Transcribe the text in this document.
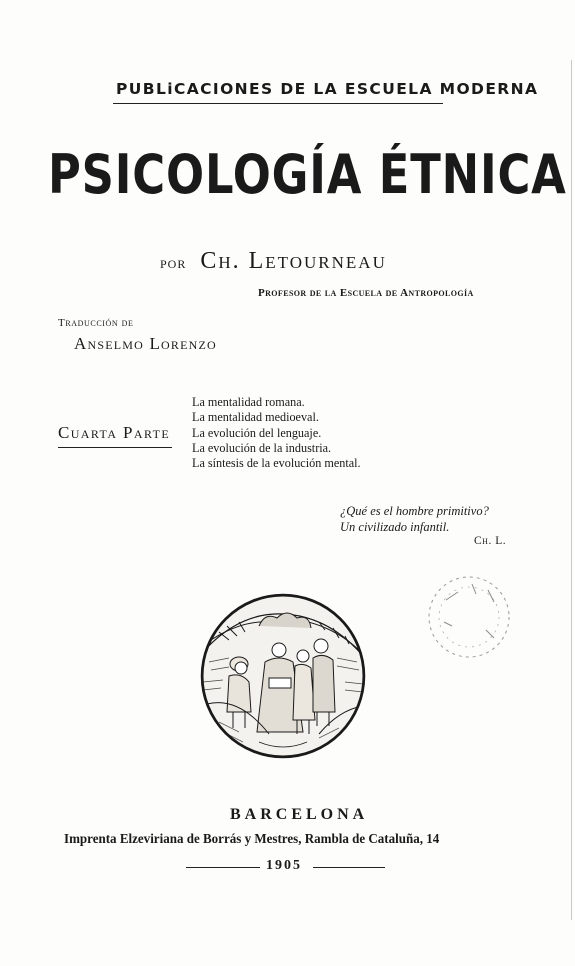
PUBLiCACIONES DE LA ESCUELA MODERNA
PSICOLOGÍA ÉTNICA
POR Ch. Letourneau
Profesor de la Escuela de Antropología
Traducción de
Anselmo Lorenzo
Cuarta Parte
La mentalidad romana.
La mentalidad medioeval.
La evolución del lenguaje.
La evolución de la industria.
La síntesis de la evolución mental.
¿Qué es el hombre primitivo?
Un civilizado infantil.
Ch. L.
BARCELONA
Imprenta Elzeviriana de Borrás y Mestres, Rambla de Cataluña, 14
1905
